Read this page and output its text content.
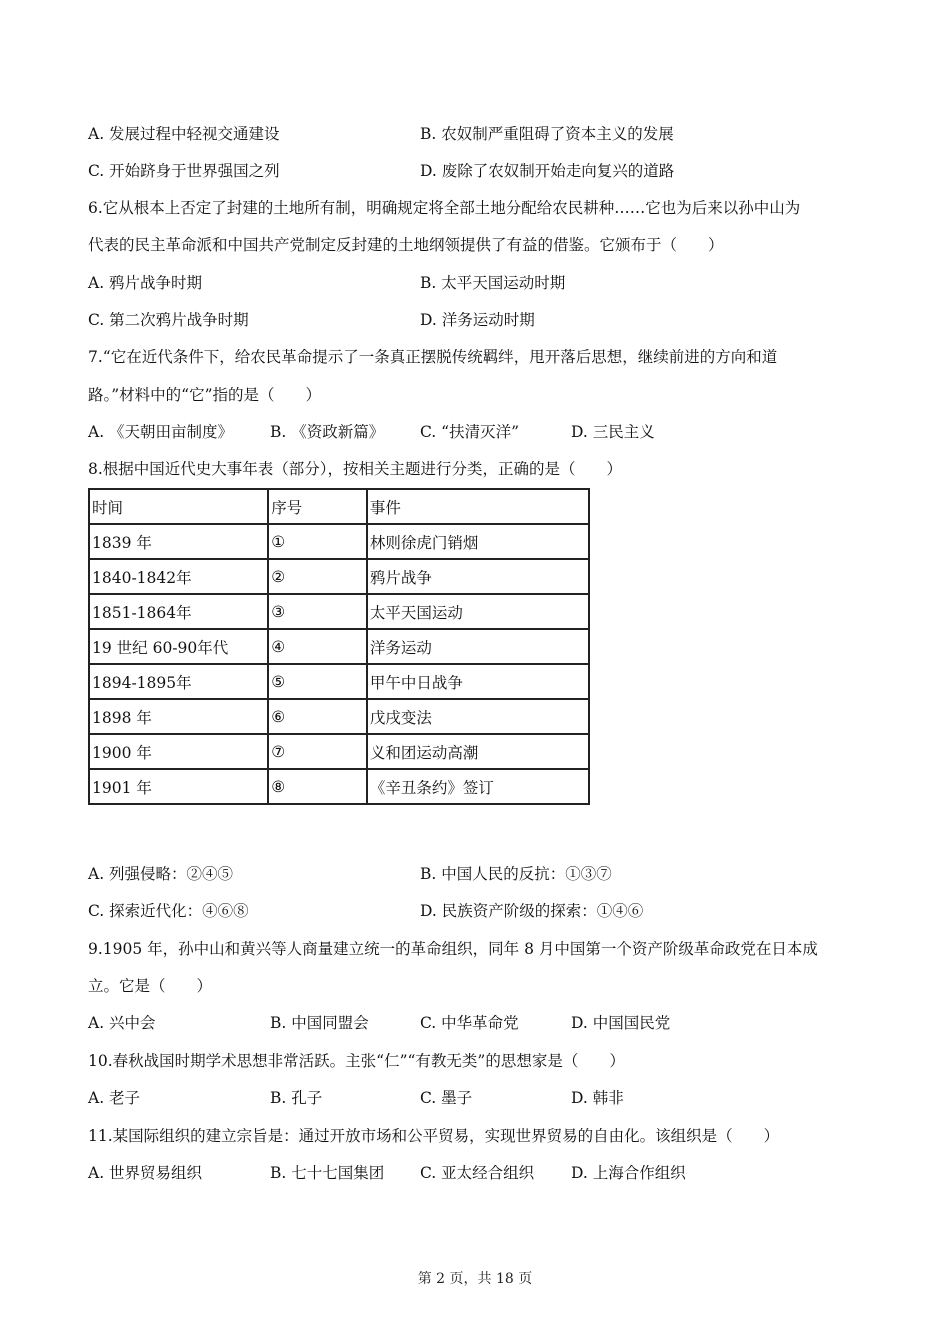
A. 发展过程中轻视交通建设	B. 农奴制严重阻碍了资本主义的发展
C. 开始跻身于世界强国之列	D. 废除了农奴制开始走向复兴的道路
6.它从根本上否定了封建的土地所有制，明确规定将全部土地分配给农民耕种……它也为后来以孙中山为
代表的民主革命派和中国共产党制定反封建的土地纲领提供了有益的借鉴。它颁布于（　　）
A. 鸦片战争时期	B. 太平天国运动时期
C. 第二次鸦片战争时期	D. 洋务运动时期
7.“它在近代条件下，给农民革命提示了一条真正摆脱传统羁绊，甩开落后思想，继续前进的方向和道
路。”材料中的“它”指的是（　　）
A. 《天朝田亩制度》 B. 《资政新篇》 C. “扶清灭洋”	D. 三民主义
8.根据中国近代史大事年表（部分），按相关主题进行分类，正确的是（　　）
时间	序号	事件
1839 年	①	林则徐虎门销烟
1840-1842年	②	鸦片战争
1851-1864年	③	太平天国运动
19 世纪 60-90年代	④	洋务运动
1894-1895年	⑤	甲午中日战争
1898 年	⑥	戊戌变法
1900 年	⑦	义和团运动高潮
1901 年	⑧	《辛丑条约》签订
A. 列强侵略：②④⑤	B. 中国人民的反抗：①③⑦
C. 探索近代化：④⑥⑧	D. 民族资产阶级的探索：①④⑥
9.1905 年，孙中山和黄兴等人商量建立统一的革命组织，同年 8 月中国第一个资产阶级革命政党在日本成
立。它是（　　）
A. 兴中会	B. 中国同盟会	C. 中华革命党	D. 中国国民党
10.春秋战国时期学术思想非常活跃。主张“仁”“有教无类”的思想家是（　　）
A. 老子	B. 孔子	C. 墨子	D. 韩非
11.某国际组织的建立宗旨是：通过开放市场和公平贸易，实现世界贸易的自由化。该组织是（　　）
A. 世界贸易组织	B. 七十七国集团 C. 亚太经合组织 D. 上海合作组织
第 2 页，共 18 页
